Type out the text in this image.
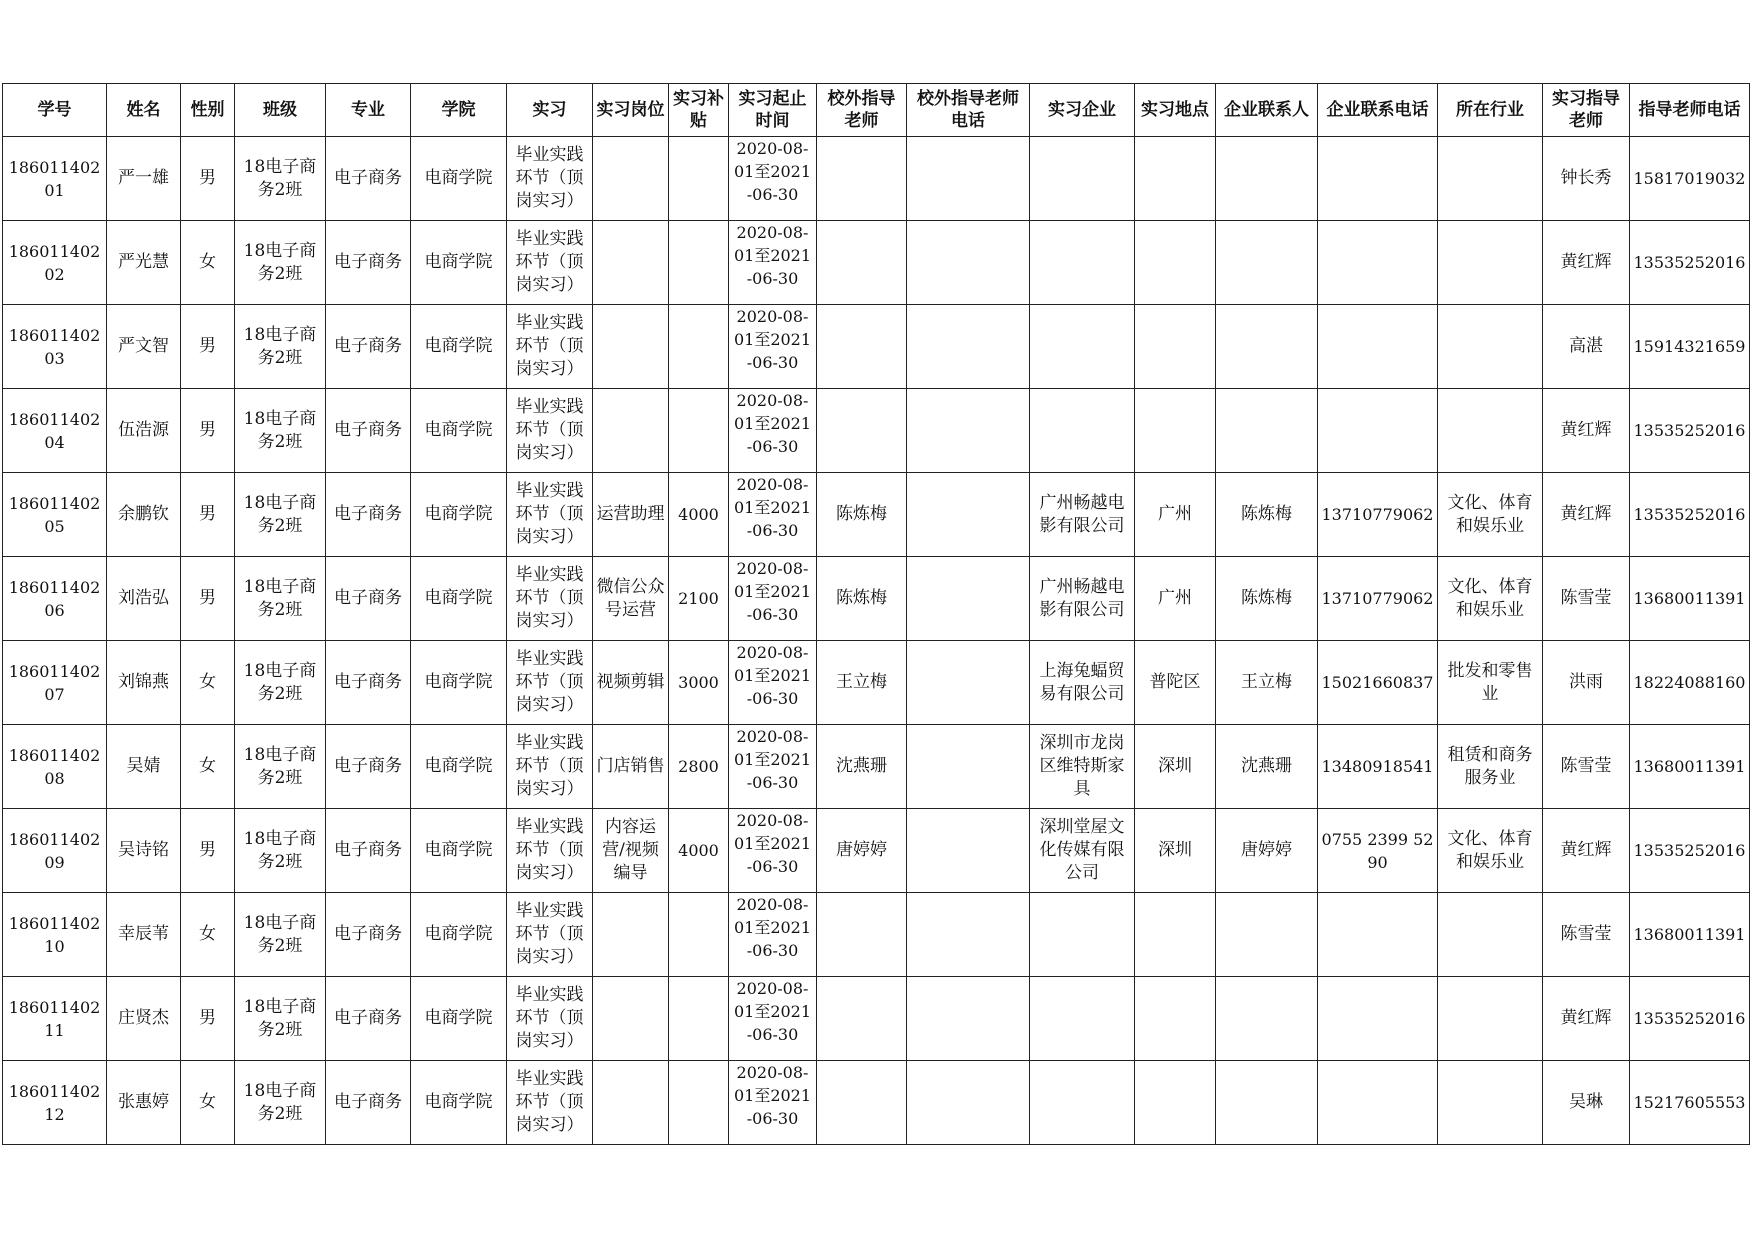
学号	姓名	性别	班级	专业	学院	实习	实习岗位	实习补贴	实习起止时间	校外指导老师	校外指导老师电话	实习企业	实习地点	企业联系人	企业联系电话	所在行业	实习指导老师	指导老师电话
18601140201	严一雄	男	18电子商务2班	电子商务	电商学院	毕业实践环节（顶岗实习）			2020-08-01至2021-06-30								钟长秀	15817019032
18601140202	严光慧	女	18电子商务2班	电子商务	电商学院	毕业实践环节（顶岗实习）			2020-08-01至2021-06-30								黄红辉	13535252016
18601140203	严文智	男	18电子商务2班	电子商务	电商学院	毕业实践环节（顶岗实习）			2020-08-01至2021-06-30								高湛	15914321659
18601140204	伍浩源	男	18电子商务2班	电子商务	电商学院	毕业实践环节（顶岗实习）			2020-08-01至2021-06-30								黄红辉	13535252016
18601140205	余鹏钦	男	18电子商务2班	电子商务	电商学院	毕业实践环节（顶岗实习）	运营助理	4000	2020-08-01至2021-06-30	陈炼梅		广州畅越电影有限公司	广州	陈炼梅	13710779062	文化、体育和娱乐业	黄红辉	13535252016
18601140206	刘浩弘	男	18电子商务2班	电子商务	电商学院	毕业实践环节（顶岗实习）	微信公众号运营	2100	2020-08-01至2021-06-30	陈炼梅		广州畅越电影有限公司	广州	陈炼梅	13710779062	文化、体育和娱乐业	陈雪莹	13680011391
18601140207	刘锦燕	女	18电子商务2班	电子商务	电商学院	毕业实践环节（顶岗实习）	视频剪辑	3000	2020-08-01至2021-06-30	王立梅		上海兔蝠贸易有限公司	普陀区	王立梅	15021660837	批发和零售业	洪雨	18224088160
18601140208	吴婧	女	18电子商务2班	电子商务	电商学院	毕业实践环节（顶岗实习）	门店销售	2800	2020-08-01至2021-06-30	沈燕珊		深圳市龙岗区维特斯家具	深圳	沈燕珊	13480918541	租赁和商务服务业	陈雪莹	13680011391
18601140209	吴诗铭	男	18电子商务2班	电子商务	电商学院	毕业实践环节（顶岗实习）	内容运营/视频编导	4000	2020-08-01至2021-06-30	唐婷婷		深圳堂屋文化传媒有限公司	深圳	唐婷婷	0755 2399 5290	文化、体育和娱乐业	黄红辉	13535252016
18601140210	幸辰苇	女	18电子商务2班	电子商务	电商学院	毕业实践环节（顶岗实习）			2020-08-01至2021-06-30								陈雪莹	13680011391
18601140211	庄贤杰	男	18电子商务2班	电子商务	电商学院	毕业实践环节（顶岗实习）			2020-08-01至2021-06-30								黄红辉	13535252016
18601140212	张惠婷	女	18电子商务2班	电子商务	电商学院	毕业实践环节（顶岗实习）			2020-08-01至2021-06-30								吴琳	15217605553
